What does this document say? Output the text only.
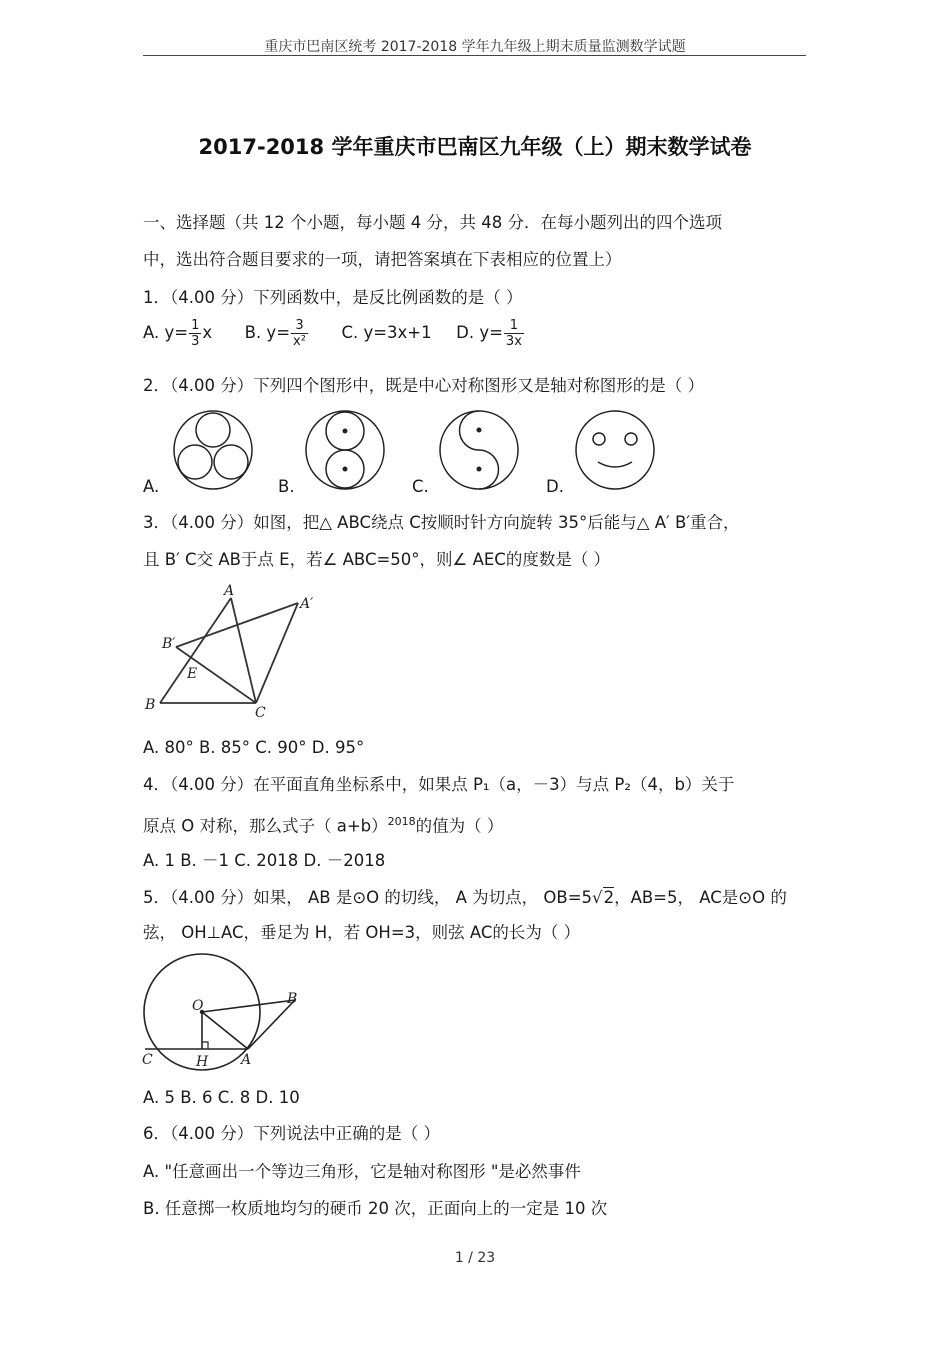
重庆市巴南区统考 2017-2018 学年九年级上期末质量监测数学试题
2017-2018 学年重庆市巴南区九年级（上）期末数学试卷
一、选择题（共 12 个小题，每小题 4 分，共 48 分．在每小题列出的四个选项
中，选出符合题目要求的一项，请把答案填在下表相应的位置上）
1．（4.00 分）下列函数中，是反比例函数的是（ ）
A. $y= \frac{1}{3}$ x B. $y= \frac{3}{\text{x²}} C$. y=3x+1 D. $y= \frac{1}{3x}$
2．（4.00 分）下列四个图形中，既是中心对称图形又是轴对称图形的是（ ）
A.	B.	C.	D.
3．（4.00 分）如图，把△ ABC绕点 C按顺时针方向旋转 35°后能与△ A′ B′重合，
且 B′ C交 AB于点 E，若∠ ABC=50°，则∠ AEC的度数是（ ）
A
A′
B′
E
B	C
A. 80° B. 85° C. 90° D. 95°
4．（4.00 分）在平面直角坐标系中，如果点 P₁（a，－3）与点 P₂（4，b）关于
原点 O 对称，那么式子（ a+b）$^{2018}$的值为（ ）
A. 1 B. －1 C. 2018 D. －2018
5．（4.00 分）如果， AB 是⊙O 的切线， A 为切点， OB=5√2，AB=5， AC是⊙O 的
弦， OH⊥AC，垂足为 H，若 OH=3，则弦 AC的长为（ ）
O	B
C	H A
A. 5 B. 6 C. 8 D. 10
6．（4.00 分）下列说法中正确的是（ ）
A. "任意画出一个等边三角形，它是轴对称图形 "是必然事件
B. 任意掷一枚质地均匀的硬币 20 次，正面向上的一定是 10 次
1 / 23
